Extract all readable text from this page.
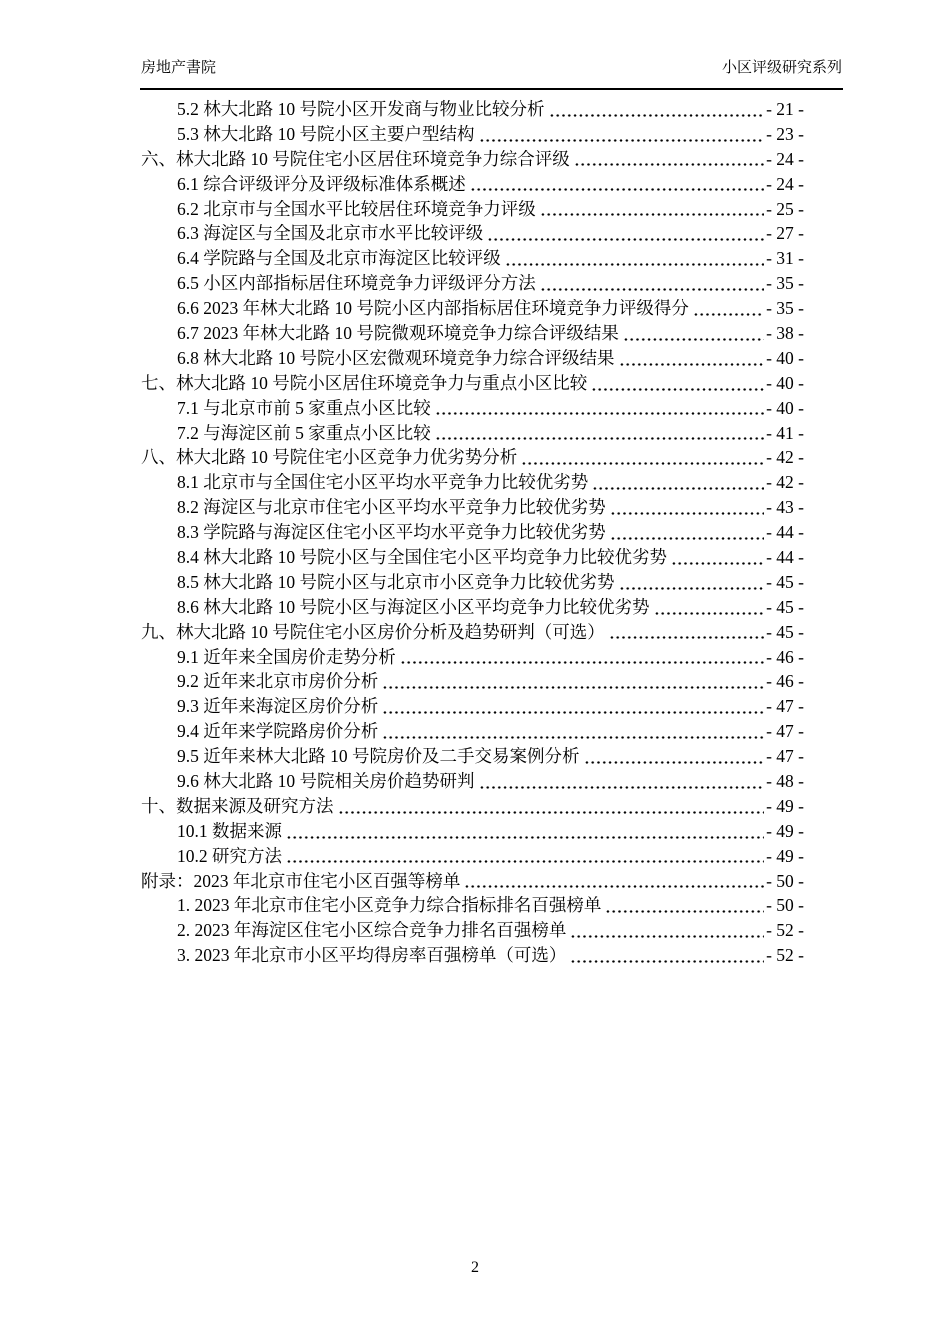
房地产書院	小区评级研究系列
5.2 林大北路 10 号院小区开发商与物业比较分析	- 21 -
5.3 林大北路 10 号院小区主要户型结构	- 23 -
六、林大北路 10 号院住宅小区居住环境竞争力综合评级	- 24 -
6.1 综合评级评分及评级标准体系概述	- 24 -
6.2 北京市与全国水平比较居住环境竞争力评级	- 25 -
6.3 海淀区与全国及北京市水平比较评级	- 27 -
6.4 学院路与全国及北京市海淀区比较评级	- 31 -
6.5 小区内部指标居住环境竞争力评级评分方法	- 35 -
6.6 2023 年林大北路 10 号院小区内部指标居住环境竞争力评级得分	- 35 -
6.7 2023 年林大北路 10 号院微观环境竞争力综合评级结果	- 38 -
6.8 林大北路 10 号院小区宏微观环境竞争力综合评级结果	- 40 -
七、林大北路 10 号院小区居住环境竞争力与重点小区比较	- 40 -
7.1 与北京市前 5 家重点小区比较	- 40 -
7.2 与海淀区前 5 家重点小区比较	- 41 -
八、林大北路 10 号院住宅小区竞争力优劣势分析	- 42 -
8.1 北京市与全国住宅小区平均水平竞争力比较优劣势	- 42 -
8.2 海淀区与北京市住宅小区平均水平竞争力比较优劣势	- 43 -
8.3 学院路与海淀区住宅小区平均水平竞争力比较优劣势	- 44 -
8.4 林大北路 10 号院小区与全国住宅小区平均竞争力比较优劣势	- 44 -
8.5 林大北路 10 号院小区与北京市小区竞争力比较优劣势	- 45 -
8.6 林大北路 10 号院小区与海淀区小区平均竞争力比较优劣势	- 45 -
九、林大北路 10 号院住宅小区房价分析及趋势研判（可选）	- 45 -
9.1 近年来全国房价走势分析	- 46 -
9.2 近年来北京市房价分析	- 46 -
9.3 近年来海淀区房价分析	- 47 -
9.4 近年来学院路房价分析	- 47 -
9.5 近年来林大北路 10 号院房价及二手交易案例分析	- 47 -
9.6 林大北路 10 号院相关房价趋势研判	- 48 -
十、数据来源及研究方法	- 49 -
10.1 数据来源	- 49 -
10.2 研究方法	- 49 -
附录：2023 年北京市住宅小区百强等榜单	- 50 -
1. 2023 年北京市住宅小区竞争力综合指标排名百强榜单	- 50 -
2. 2023 年海淀区住宅小区综合竞争力排名百强榜单	- 52 -
3. 2023 年北京市小区平均得房率百强榜单（可选）	- 52 -
2
